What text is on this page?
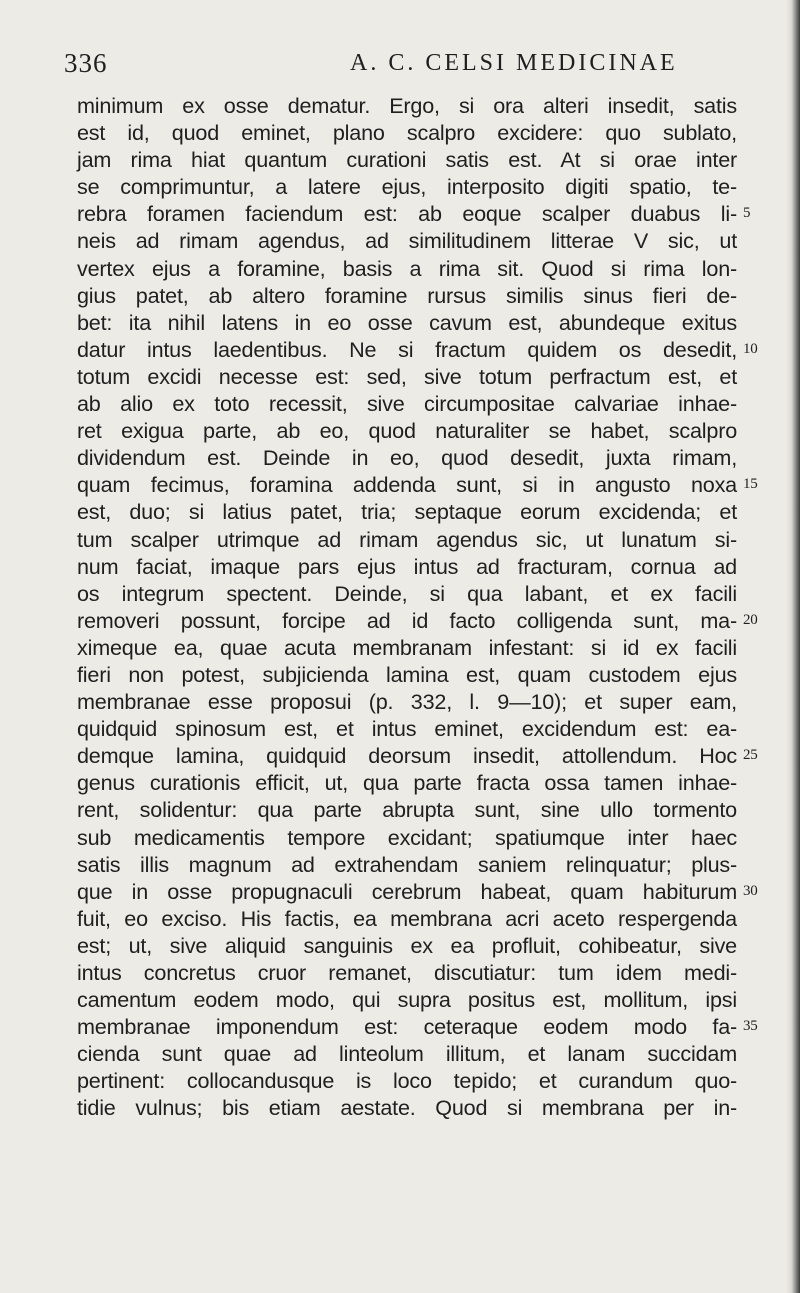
336	A. C. CELSI MEDICINAE
minimum ex osse dematur. Ergo, si ora alteri insedit, satis
est id, quod eminet, plano scalpro excidere: quo sublato,
jam rima hiat quantum curationi satis est. At si orae inter
se comprimuntur, a latere ejus, interposito digiti spatio, te-
rebra foramen faciendum est: ab eoque scalper duabus li- 5
neis ad rimam agendus, ad similitudinem litterae V sic, ut
vertex ejus a foramine, basis a rima sit. Quod si rima lon-
gius patet, ab altero foramine rursus similis sinus fieri de-
bet: ita nihil latens in eo osse cavum est, abundeque exitus
datur intus laedentibus. Ne si fractum quidem os desedit, 10
totum excidi necesse est: sed, sive totum perfractum est, et
ab alio ex toto recessit, sive circumpositae calvariae inhae-
ret exigua parte, ab eo, quod naturaliter se habet, scalpro
dividendum est. Deinde in eo, quod desedit, juxta rimam,
quam fecimus, foramina addenda sunt, si in angusto noxa 15
est, duo; si latius patet, tria; septaque eorum excidenda; et
tum scalper utrimque ad rimam agendus sic, ut lunatum si-
num faciat, imaque pars ejus intus ad fracturam, cornua ad
os integrum spectent. Deinde, si qua labant, et ex facili
removeri possunt, forcipe ad id facto colligenda sunt, ma- 20
ximeque ea, quae acuta membranam infestant: si id ex facili
fieri non potest, subjicienda lamina est, quam custodem ejus
membranae esse proposui (p. 332, l. 9—10); et super eam,
quidquid spinosum est, et intus eminet, excidendum est: ea-
demque lamina, quidquid deorsum insedit, attollendum. Hoc 25
genus curationis efficit, ut, qua parte fracta ossa tamen inhae-
rent, solidentur: qua parte abrupta sunt, sine ullo tormento
sub medicamentis tempore excidant; spatiumque inter haec
satis illis magnum ad extrahendam saniem relinquatur; plus-
que in osse propugnaculi cerebrum habeat, quam habiturum 30
fuit, eo exciso. His factis, ea membrana acri aceto respergenda
est; ut, sive aliquid sanguinis ex ea profluit, cohibeatur, sive
intus concretus cruor remanet, discutiatur: tum idem medi-
camentum eodem modo, qui supra positus est, mollitum, ipsi
membranae imponendum est: ceteraque eodem modo fa- 35
cienda sunt quae ad linteolum illitum, et lanam succidam
pertinent: collocandusque is loco tepido; et curandum quo-
tidie vulnus; bis etiam aestate. Quod si membrana per in-
